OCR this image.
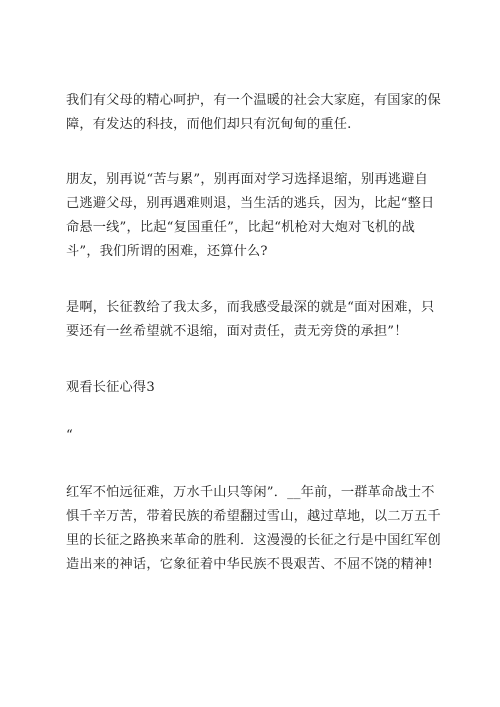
我们有父母的精心呵护，有一个温暖的社会大家庭，有国家的保
障，有发达的科技，而他们却只有沉甸甸的重任.

朋友，别再说“苦与累”，别再面对学习选择退缩，别再逃避自
己逃避父母，别再遇难则退，当生活的逃兵，因为，比起“整日
命悬一线”，比起“复国重任”，比起“机枪对大炮对飞机的战
斗”，我们所谓的困难，还算什么?

是啊，长征教给了我太多，而我感受最深的就是“面对困难，只
要还有一丝希望就不退缩，面对责任，责无旁贷的承担”！

观看长征心得3

“

红军不怕远征难，万水千山只等闲”．__年前，一群革命战士不
惧千辛万苦，带着民族的希望翻过雪山，越过草地，以二万五千
里的长征之路换来革命的胜利．这漫漫的长征之行是中国红军创
造出来的神话，它象征着中华民族不畏艰苦、不屈不饶的精神!
